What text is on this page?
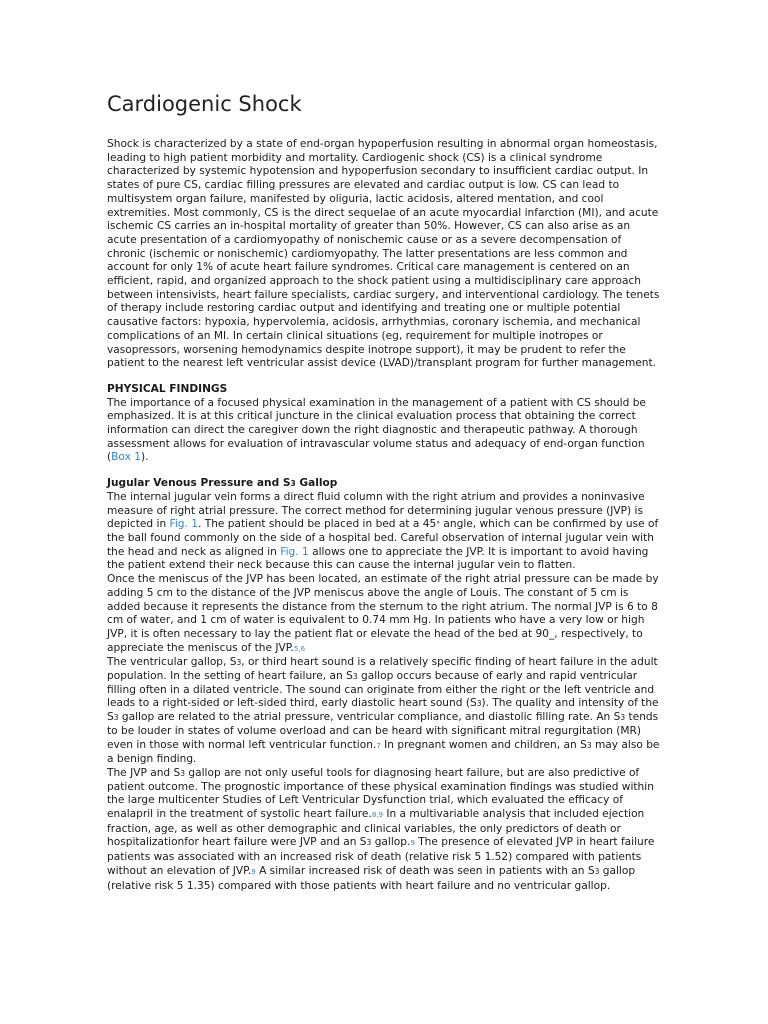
Cardiogenic Shock

Shock is characterized by a state of end-organ hypoperfusion resulting in abnormal organ homeostasis, leading to high patient morbidity and mortality. Cardiogenic shock (CS) is a clinical syndrome characterized by systemic hypotension and hypoperfusion secondary to insufficient cardiac output. In states of pure CS, cardiac filling pressures are elevated and cardiac output is low. CS can lead to multisystem organ failure, manifested by oliguria, lactic acidosis, altered mentation, and cool extremities. Most commonly, CS is the direct sequelae of an acute myocardial infarction (MI), and acute ischemic CS carries an in-hospital mortality of greater than 50%. However, CS can also arise as an acute presentation of a cardiomyopathy of nonischemic cause or as a severe decompensation of chronic (ischemic or nonischemic) cardiomyopathy. The latter presentations are less common and account for only 1% of acute heart failure syndromes. Critical care management is centered on an efficient, rapid, and organized approach to the shock patient using a multidisciplinary care approach between intensivists, heart failure specialists, cardiac surgery, and interventional cardiology. The tenets of therapy include restoring cardiac output and identifying and treating one or multiple potential causative factors: hypoxia, hypervolemia, acidosis, arrhythmias, coronary ischemia, and mechanical complications of an MI. In certain clinical situations (eg, requirement for multiple inotropes or vasopressors, worsening hemodynamics despite inotrope support), it may be prudent to refer the patient to the nearest left ventricular assist device (LVAD)/transplant program for further management.

PHYSICAL FINDINGS

The importance of a focused physical examination in the management of a patient with CS should be emphasized. It is at this critical juncture in the clinical evaluation process that obtaining the correct information can direct the caregiver down the right diagnostic and therapeutic pathway. A thorough assessment allows for evaluation of intravascular volume status and adequacy of end-organ function (Box 1).

Jugular Venous Pressure and S3 Gallop

The internal jugular vein forms a direct fluid column with the right atrium and provides a noninvasive measure of right atrial pressure. The correct method for determining jugular venous pressure (JVP) is depicted in Fig. 1. The patient should be placed in bed at a 45° angle, which can be confirmed by use of the ball found commonly on the side of a hospital bed. Careful observation of internal jugular vein with the head and neck as aligned in Fig. 1 allows one to appreciate the JVP. It is important to avoid having the patient extend their neck because this can cause the internal jugular vein to flatten.

Once the meniscus of the JVP has been located, an estimate of the right atrial pressure can be made by adding 5 cm to the distance of the JVP meniscus above the angle of Louis. The constant of 5 cm is added because it represents the distance from the sternum to the right atrium. The normal JVP is 6 to 8 cm of water, and 1 cm of water is equivalent to 0.74 mm Hg. In patients who have a very low or high JVP, it is often necessary to lay the patient flat or elevate the head of the bed at 90_, respectively, to appreciate the meniscus of the JVP.5,6

The ventricular gallop, S3, or third heart sound is a relatively specific finding of heart failure in the adult population. In the setting of heart failure, an S3 gallop occurs because of early and rapid ventricular filling often in a dilated ventricle. The sound can originate from either the right or the left ventricle and leads to a right-sided or left-sided third, early diastolic heart sound (S3). The quality and intensity of the S3 gallop are related to the atrial pressure, ventricular compliance, and diastolic filling rate. An S3 tends to be louder in states of volume overload and can be heard with significant mitral regurgitation (MR) even in those with normal left ventricular function.7 In pregnant women and children, an S3 may also be a benign finding.

The JVP and S3 gallop are not only useful tools for diagnosing heart failure, but are also predictive of patient outcome. The prognostic importance of these physical examination findings was studied within the large multicenter Studies of Left Ventricular Dysfunction trial, which evaluated the efficacy of enalapril in the treatment of systolic heart failure.8,9 In a multivariable analysis that included ejection fraction, age, as well as other demographic and clinical variables, the only predictors of death or hospitalizationfor heart failure were JVP and an S3 gallop.9 The presence of elevated JVP in heart failure patients was associated with an increased risk of death (relative risk 5 1.52) compared with patients without an elevation of JVP.9 A similar increased risk of death was seen in patients with an S3 gallop (relative risk 5 1.35) compared with those patients with heart failure and no ventricular gallop.
